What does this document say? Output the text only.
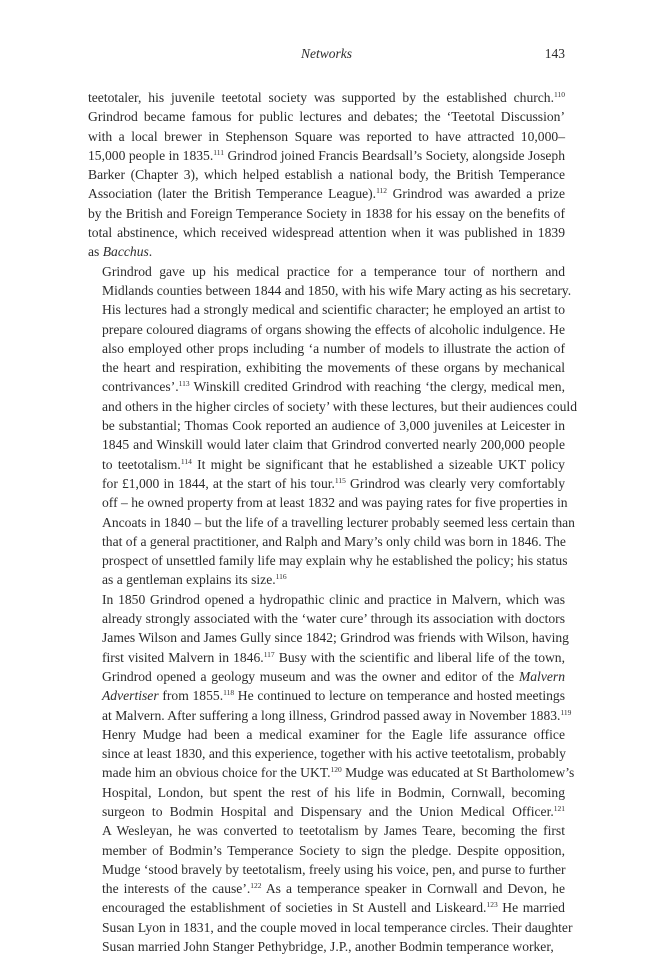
Networks	143

teetotaler, his juvenile teetotal society was supported by the established church.$^{110}$
Grindrod became famous for public lectures and debates; the ‘Teetotal Discussion’
with a local brewer in Stephenson Square was reported to have attracted 10,000–
15,000 people in 1835.$^{111}$ Grindrod joined Francis Beardsall’s Society, alongside Joseph
Barker (Chapter 3), which helped establish a national body, the British Temperance
Association (later the British Temperance League).$^{112}$ Grindrod was awarded a prize
by the British and Foreign Temperance Society in 1838 for his essay on the benefits of
total abstinence, which received widespread attention when it was published in 1839
as Bacchus.

Grindrod gave up his medical practice for a temperance tour of northern and
Midlands counties between 1844 and 1850, with his wife Mary acting as his secretary.
His lectures had a strongly medical and scientific character; he employed an artist to
prepare coloured diagrams of organs showing the effects of alcoholic indulgence. He
also employed other props including ‘a number of models to illustrate the action of
the heart and respiration, exhibiting the movements of these organs by mechanical
contrivances’.$^{113}$ Winskill credited Grindrod with reaching ‘the clergy, medical men,
and others in the higher circles of society’ with these lectures, but their audiences could
be substantial; Thomas Cook reported an audience of 3,000 juveniles at Leicester in
1845 and Winskill would later claim that Grindrod converted nearly 200,000 people
to teetotalism.$^{114}$ It might be significant that he established a sizeable UKT policy
for £1,000 in 1844, at the start of his tour.$^{115}$ Grindrod was clearly very comfortably
off – he owned property from at least 1832 and was paying rates for five properties in
Ancoats in 1840 – but the life of a travelling lecturer probably seemed less certain than
that of a general practitioner, and Ralph and Mary’s only child was born in 1846. The
prospect of unsettled family life may explain why he established the policy; his status
as a gentleman explains its size.$^{116}$

In 1850 Grindrod opened a hydropathic clinic and practice in Malvern, which was
already strongly associated with the ‘water cure’ through its association with doctors
James Wilson and James Gully since 1842; Grindrod was friends with Wilson, having
first visited Malvern in 1846.$^{117}$ Busy with the scientific and liberal life of the town,
Grindrod opened a geology museum and was the owner and editor of the Malvern
Advertiser from 1855.$^{118}$ He continued to lecture on temperance and hosted meetings
at Malvern. After suffering a long illness, Grindrod passed away in November 1883.$^{119}$

Henry Mudge had been a medical examiner for the Eagle life assurance office
since at least 1830, and this experience, together with his active teetotalism, probably
made him an obvious choice for the UKT.$^{120}$ Mudge was educated at St Bartholomew’s
Hospital, London, but spent the rest of his life in Bodmin, Cornwall, becoming
surgeon to Bodmin Hospital and Dispensary and the Union Medical Officer.$^{121}$
A Wesleyan, he was converted to teetotalism by James Teare, becoming the first
member of Bodmin’s Temperance Society to sign the pledge. Despite opposition,
Mudge ‘stood bravely by teetotalism, freely using his voice, pen, and purse to further
the interests of the cause’.$^{122}$ As a temperance speaker in Cornwall and Devon, he
encouraged the establishment of societies in St Austell and Liskeard.$^{123}$ He married
Susan Lyon in 1831, and the couple moved in local temperance circles. Their daughter
Susan married John Stanger Pethybridge, J.P., another Bodmin temperance worker,
